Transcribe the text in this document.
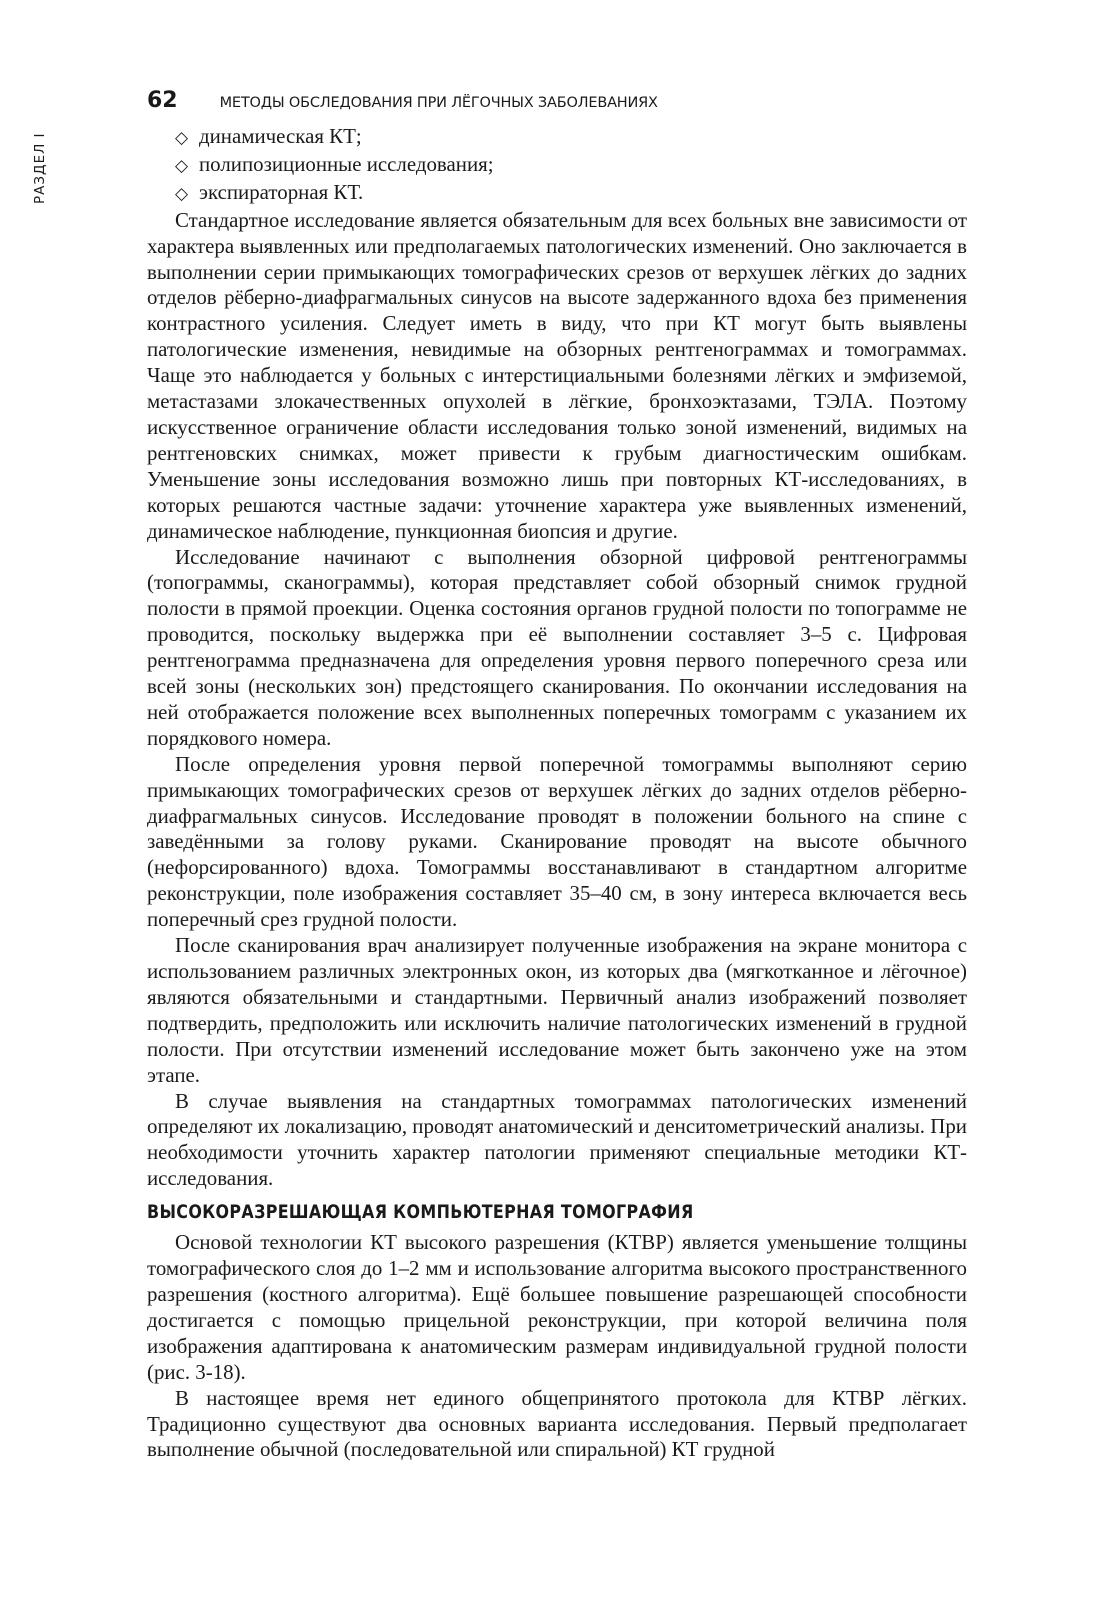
РАЗДЕЛ I
62	МЕТОДЫ ОБСЛЕДОВАНИЯ ПРИ ЛЁГОЧНЫХ ЗАБОЛЕВАНИЯХ
◇ динамическая КТ;
◇ полипозиционные исследования;
◇ экспираторная КТ.

Стандартное исследование является обязательным для всех больных вне зависимости от характера выявленных или предполагаемых патологических изменений. Оно заключается в выполнении серии примыкающих томографических срезов от верхушек лёгких до задних отделов рёберно-диафрагмальных синусов на высоте задержанного вдоха без применения контрастного усиления. Следует иметь в виду, что при КТ могут быть выявлены патологические изменения, невидимые на обзорных рентгенограммах и томограммах. Чаще это наблюдается у больных с интерстициальными болезнями лёгких и эмфиземой, метастазами злокачественных опухолей в лёгкие, бронхоэктазами, ТЭЛА. Поэтому искусственное ограничение области исследования только зоной изменений, видимых на рентгеновских снимках, может привести к грубым диагностическим ошибкам. Уменьшение зоны исследования возможно лишь при повторных КТ-исследованиях, в которых решаются частные задачи: уточнение характера уже выявленных изменений, динамическое наблюдение, пункционная биопсия и другие.

Исследование начинают с выполнения обзорной цифровой рентгенограммы (топограммы, сканограммы), которая представляет собой обзорный снимок грудной полости в прямой проекции. Оценка состояния органов грудной полости по топограмме не проводится, поскольку выдержка при её выполнении составляет 3–5 с. Цифровая рентгенограмма предназначена для определения уровня первого поперечного среза или всей зоны (нескольких зон) предстоящего сканирования. По окончании исследования на ней отображается положение всех выполненных поперечных томограмм с указанием их порядкового номера.

После определения уровня первой поперечной томограммы выполняют серию примыкающих томографических срезов от верхушек лёгких до задних отделов рёберно-диафрагмальных синусов. Исследование проводят в положении больного на спине с заведёнными за голову руками. Сканирование проводят на высоте обычного (нефорсированного) вдоха. Томограммы восстанавливают в стандартном алгоритме реконструкции, поле изображения составляет 35–40 см, в зону интереса включается весь поперечный срез грудной полости.

После сканирования врач анализирует полученные изображения на экране монитора с использованием различных электронных окон, из которых два (мягкотканное и лёгочное) являются обязательными и стандартными. Первичный анализ изображений позволяет подтвердить, предположить или исключить наличие патологических изменений в грудной полости. При отсутствии изменений исследование может быть закончено уже на этом этапе.

В случае выявления на стандартных томограммах патологических изменений определяют их локализацию, проводят анатомический и денситометрический анализы. При необходимости уточнить характер патологии применяют специальные методики КТ-исследования.

ВЫСОКОРАЗРЕШАЮЩАЯ КОМПЬЮТЕРНАЯ ТОМОГРАФИЯ

Основой технологии КТ высокого разрешения (КТВР) является уменьшение толщины томографического слоя до 1–2 мм и использование алгоритма высокого пространственного разрешения (костного алгоритма). Ещё большее повышение разрешающей способности достигается с помощью прицельной реконструкции, при которой величина поля изображения адаптирована к анатомическим размерам индивидуальной грудной полости (рис. 3-18).

В настоящее время нет единого общепринятого протокола для КТВР лёгких. Традиционно существуют два основных варианта исследования. Первый предполагает выполнение обычной (последовательной или спиральной) КТ грудной
